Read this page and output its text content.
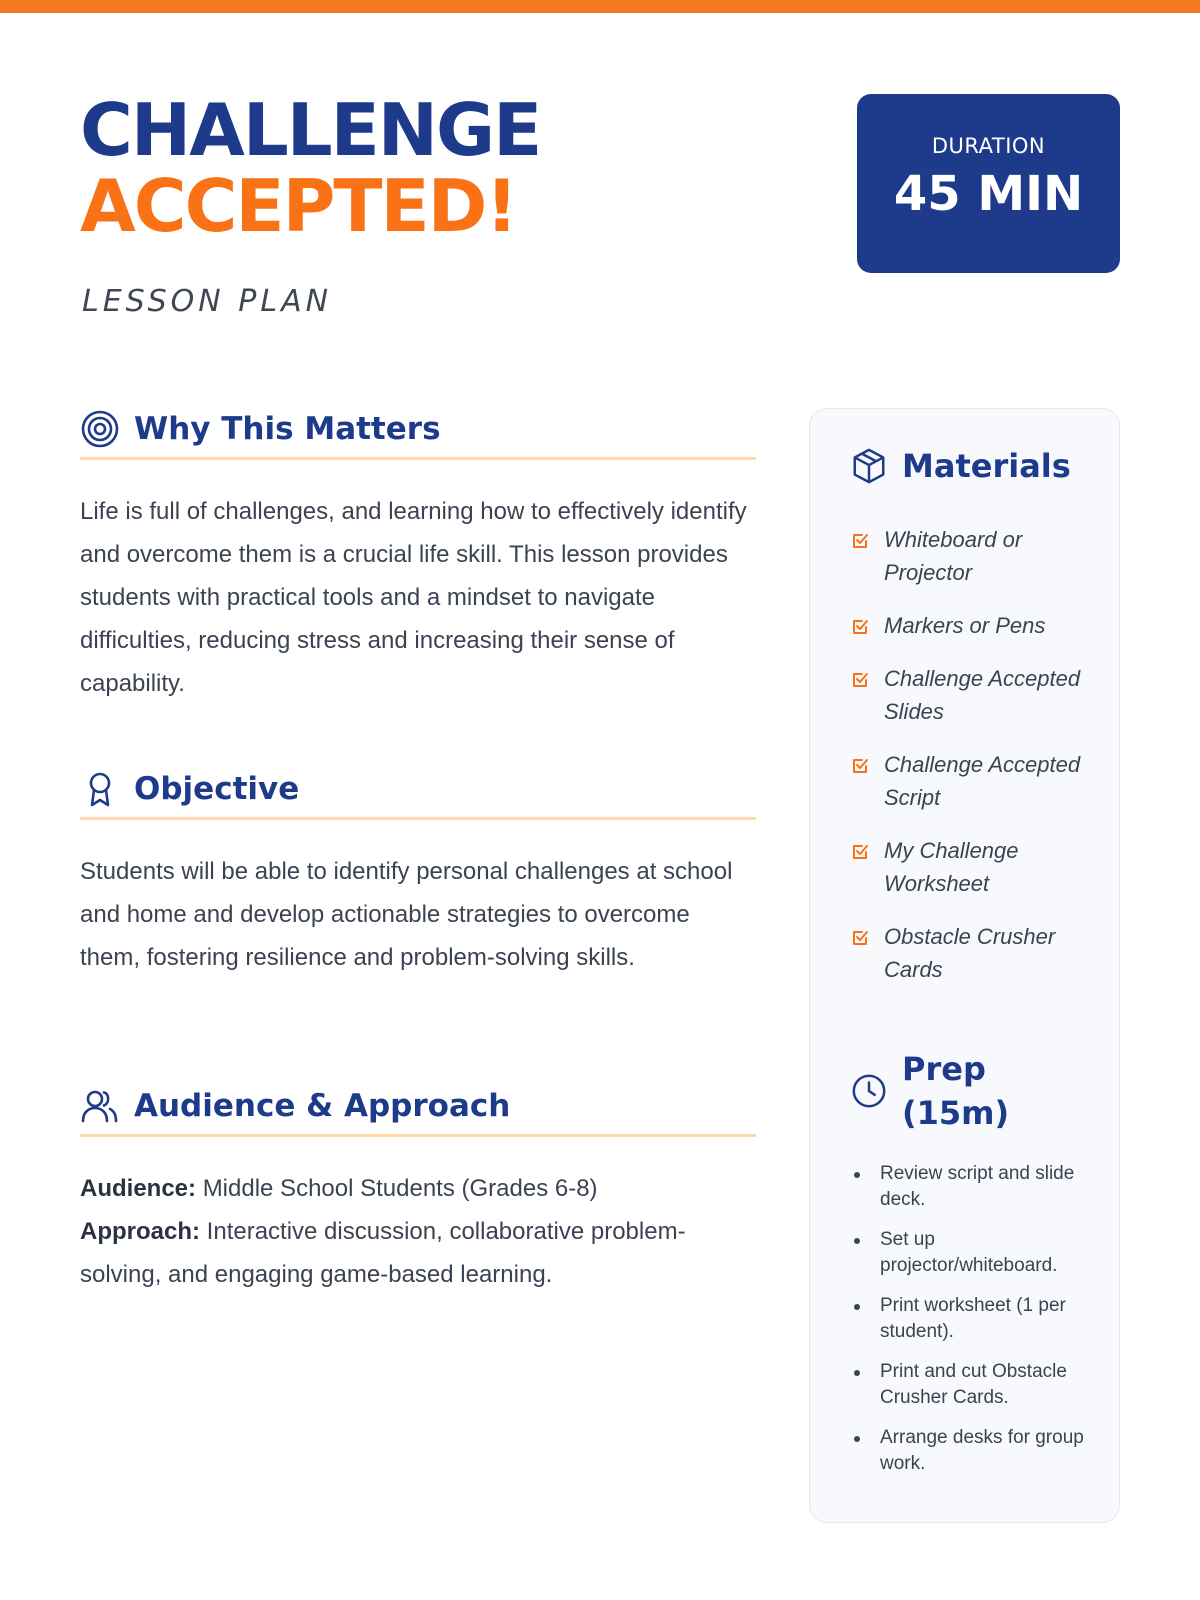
CHALLENGE
ACCEPTED!
LESSON PLAN
DURATION
45 MIN
Why This Matters

Life is full of challenges, and learning how to effectively identify and overcome them is a crucial life skill. This lesson provides students with practical tools and a mindset to navigate difficulties, reducing stress and increasing their sense of capability.

Objective

Students will be able to identify personal challenges at school and home and develop actionable strategies to overcome them, fostering resilience and problem-solving skills.

Audience & Approach
Audience: Middle School Students (Grades 6-8)
Approach: Interactive discussion, collaborative problem-solving, and engaging game-based learning.
Materials
Whiteboard or Projector
Markers or Pens
Challenge Accepted Slides
Challenge Accepted Script
My Challenge Worksheet
Obstacle Crusher Cards
Prep
(15m)
Review script and slide deck.
Set up projector/whiteboard.
Print worksheet (1 per student).
Print and cut Obstacle Crusher Cards.
Arrange desks for group work.
